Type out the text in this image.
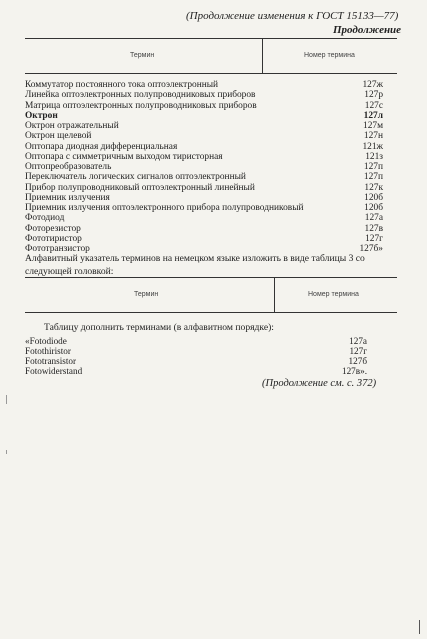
(Продолжение изменения к ГОСТ 15133—77)
Продолжение
Термин	Номер термина
Коммутатор постоянного тока оптоэлектронный	127ж
Линейка оптоэлектронных полупроводниковых приборов	127р
Матрица оптоэлектронных полупроводниковых приборов	127с
Октрон	127л
Октрон отражательный	127м
Октрон щелевой	127н
Оптопара диодная дифференциальная	121ж
Оптопара с симметричным выходом тиристорная	121з
Оптопреобразователь	127п
Переключатель логических сигналов оптоэлектронный	127п
Прибор полупроводниковый оптоэлектронный линейный	127к
Приемник излучения	120б
Приемник излучения оптоэлектронного прибора полупроводниковый	120б
Фотодиод	127а
Фоторезистор	127в
Фототиристор	127г
Фототранзистор	127б»
Алфавитный указатель терминов на немецком языке изложить в виде таблицы 3 со следующей головкой:
Термин	Номер термина
Таблицу дополнить терминами (в алфавитном порядке):
«Fotodiode	127а
Fotothiristor	127г
Fototransistor	127б
Fotowiderstand	127в».
(Продолжение см. с. 372)
